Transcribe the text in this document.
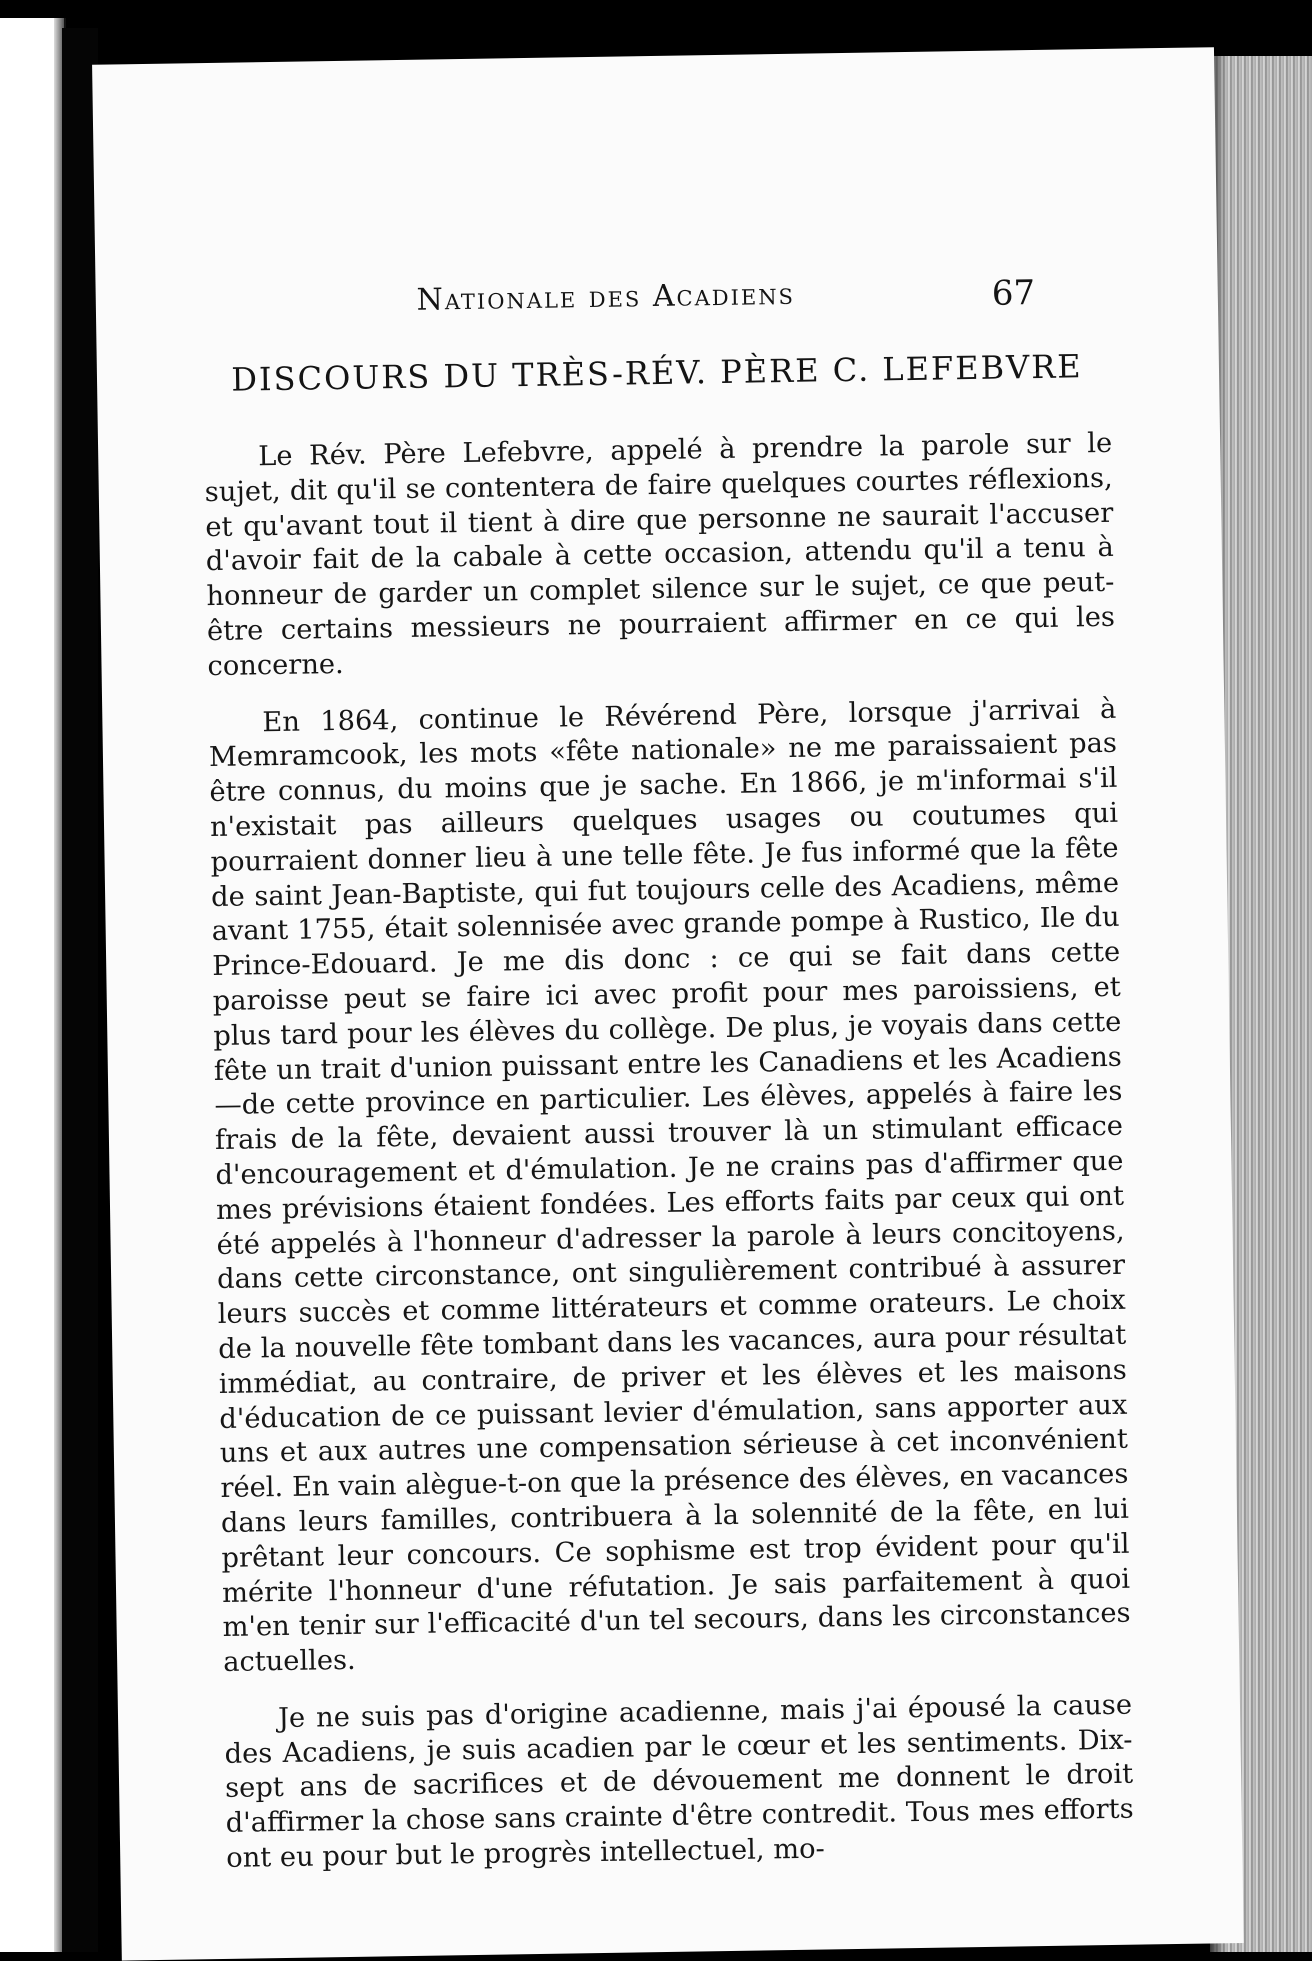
Nationale des Acadiens	67
DISCOURS DU TRÈS-RÉV. PÈRE C. LEFEBVRE

Le Rév. Père Lefebvre, appelé à prendre la parole sur le sujet, dit qu'il se contentera de faire quelques courtes réflexions, et qu'avant tout il tient à dire que personne ne saurait l'accuser d'avoir fait de la cabale à cette occasion, attendu qu'il a tenu à honneur de garder un complet silence sur le sujet, ce que peut-être certains messieurs ne pourraient affirmer en ce qui les concerne.

En 1864, continue le Révérend Père, lorsque j'arrivai à Memramcook, les mots «fête nationale» ne me paraissaient pas être connus, du moins que je sache. En 1866, je m'informai s'il n'existait pas ailleurs quelques usages ou coutumes qui pourraient donner lieu à une telle fête. Je fus informé que la fête de saint Jean-Baptiste, qui fut toujours celle des Acadiens, même avant 1755, était solennisée avec grande pompe à Rustico, Ile du Prince-Edouard. Je me dis donc : ce qui se fait dans cette paroisse peut se faire ici avec profit pour mes paroissiens, et plus tard pour les élèves du collège. De plus, je voyais dans cette fête un trait d'union puissant entre les Canadiens et les Acadiens—de cette province en particulier. Les élèves, appelés à faire les frais de la fête, devaient aussi trouver là un stimulant efficace d'encouragement et d'émulation. Je ne crains pas d'affirmer que mes prévisions étaient fondées. Les efforts faits par ceux qui ont été appelés à l'honneur d'adresser la parole à leurs concitoyens, dans cette circonstance, ont singulièrement contribué à assurer leurs succès et comme littérateurs et comme orateurs. Le choix de la nouvelle fête tombant dans les vacances, aura pour résultat immédiat, au contraire, de priver et les élèves et les maisons d'éducation de ce puissant levier d'émulation, sans apporter aux uns et aux autres une compensation sérieuse à cet inconvénient réel. En vain alègue-t-on que la présence des élèves, en vacances dans leurs familles, contribuera à la solennité de la fête, en lui prêtant leur concours. Ce sophisme est trop évident pour qu'il mérite l'honneur d'une réfutation. Je sais parfaitement à quoi m'en tenir sur l'efficacité d'un tel secours, dans les circonstances actuelles.

Je ne suis pas d'origine acadienne, mais j'ai épousé la cause des Acadiens, je suis acadien par le cœur et les sentiments. Dix-sept ans de sacrifices et de dévouement me donnent le droit d'affirmer la chose sans crainte d'être contredit. Tous mes efforts ont eu pour but le progrès intellectuel, mo-
